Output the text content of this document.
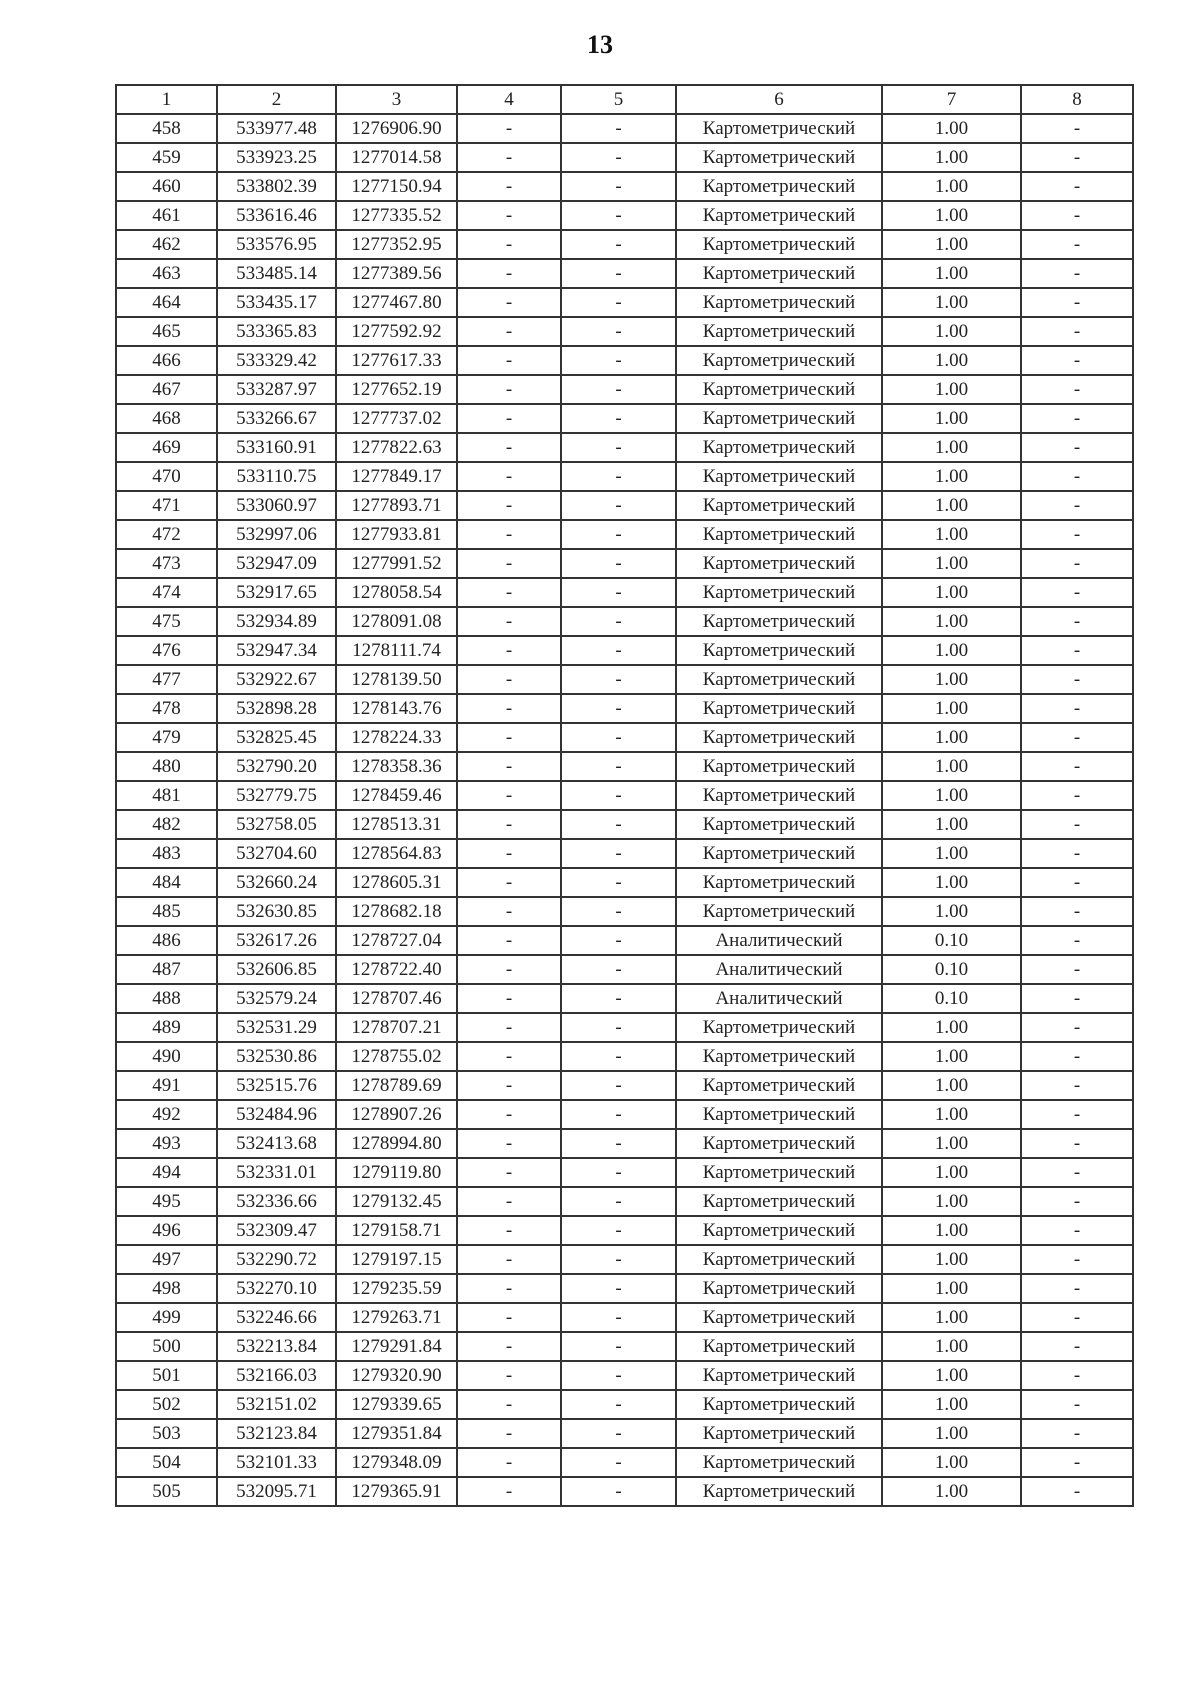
13
1	2	3	4	5	6	7	8
458	533977.48	1276906.90	-	-	Картометрический	1.00	-
459	533923.25	1277014.58	-	-	Картометрический	1.00	-
460	533802.39	1277150.94	-	-	Картометрический	1.00	-
461	533616.46	1277335.52	-	-	Картометрический	1.00	-
462	533576.95	1277352.95	-	-	Картометрический	1.00	-
463	533485.14	1277389.56	-	-	Картометрический	1.00	-
464	533435.17	1277467.80	-	-	Картометрический	1.00	-
465	533365.83	1277592.92	-	-	Картометрический	1.00	-
466	533329.42	1277617.33	-	-	Картометрический	1.00	-
467	533287.97	1277652.19	-	-	Картометрический	1.00	-
468	533266.67	1277737.02	-	-	Картометрический	1.00	-
469	533160.91	1277822.63	-	-	Картометрический	1.00	-
470	533110.75	1277849.17	-	-	Картометрический	1.00	-
471	533060.97	1277893.71	-	-	Картометрический	1.00	-
472	532997.06	1277933.81	-	-	Картометрический	1.00	-
473	532947.09	1277991.52	-	-	Картометрический	1.00	-
474	532917.65	1278058.54	-	-	Картометрический	1.00	-
475	532934.89	1278091.08	-	-	Картометрический	1.00	-
476	532947.34	1278111.74	-	-	Картометрический	1.00	-
477	532922.67	1278139.50	-	-	Картометрический	1.00	-
478	532898.28	1278143.76	-	-	Картометрический	1.00	-
479	532825.45	1278224.33	-	-	Картометрический	1.00	-
480	532790.20	1278358.36	-	-	Картометрический	1.00	-
481	532779.75	1278459.46	-	-	Картометрический	1.00	-
482	532758.05	1278513.31	-	-	Картометрический	1.00	-
483	532704.60	1278564.83	-	-	Картометрический	1.00	-
484	532660.24	1278605.31	-	-	Картометрический	1.00	-
485	532630.85	1278682.18	-	-	Картометрический	1.00	-
486	532617.26	1278727.04	-	-	Аналитический	0.10	-
487	532606.85	1278722.40	-	-	Аналитический	0.10	-
488	532579.24	1278707.46	-	-	Аналитический	0.10	-
489	532531.29	1278707.21	-	-	Картометрический	1.00	-
490	532530.86	1278755.02	-	-	Картометрический	1.00	-
491	532515.76	1278789.69	-	-	Картометрический	1.00	-
492	532484.96	1278907.26	-	-	Картометрический	1.00	-
493	532413.68	1278994.80	-	-	Картометрический	1.00	-
494	532331.01	1279119.80	-	-	Картометрический	1.00	-
495	532336.66	1279132.45	-	-	Картометрический	1.00	-
496	532309.47	1279158.71	-	-	Картометрический	1.00	-
497	532290.72	1279197.15	-	-	Картометрический	1.00	-
498	532270.10	1279235.59	-	-	Картометрический	1.00	-
499	532246.66	1279263.71	-	-	Картометрический	1.00	-
500	532213.84	1279291.84	-	-	Картометрический	1.00	-
501	532166.03	1279320.90	-	-	Картометрический	1.00	-
502	532151.02	1279339.65	-	-	Картометрический	1.00	-
503	532123.84	1279351.84	-	-	Картометрический	1.00	-
504	532101.33	1279348.09	-	-	Картометрический	1.00	-
505	532095.71	1279365.91	-	-	Картометрический	1.00	-
